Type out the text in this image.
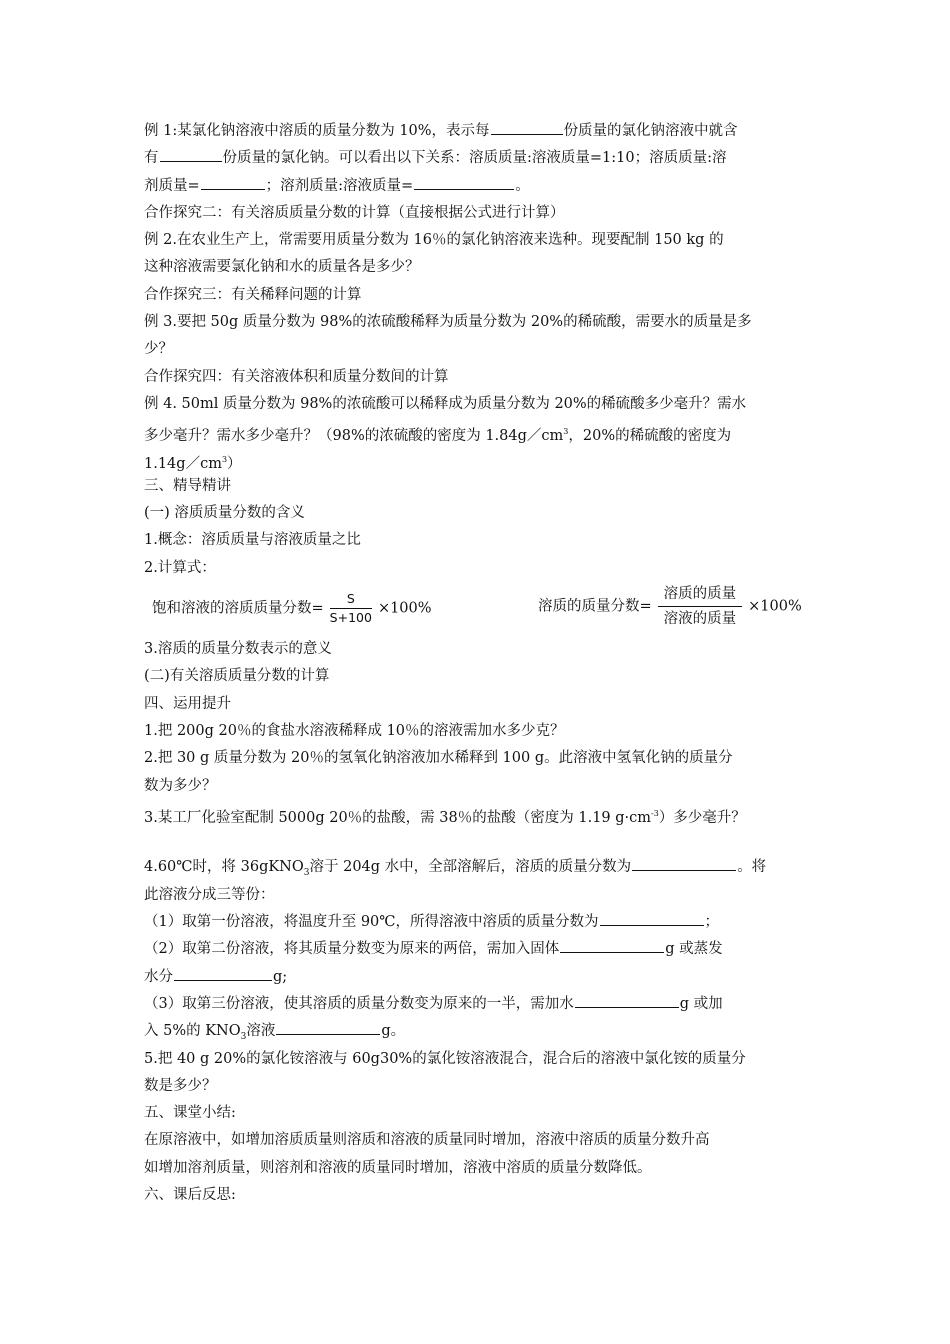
例 1:某氯化钠溶液中溶质的质量分数为 10%，表示每	份质量的氯化钠溶液中就含
有	份质量的氯化钠。可以看出以下关系：溶质质量:溶液质量=1:10；溶质质量:溶
剂质量=	；溶剂质量:溶液质量=	。
合作探究二：有关溶质质量分数的计算（直接根据公式进行计算）
例 2.在农业生产上，常需要用质量分数为 16％的氯化钠溶液来选种。现要配制 150 kg 的
这种溶液需要氯化钠和水的质量各是多少？
合作探究三：有关稀释问题的计算
例 3.要把 50g 质量分数为 98%的浓硫酸稀释为质量分数为 20%的稀硫酸，需要水的质量是多
少？
合作探究四：有关溶液体积和质量分数间的计算
例 4. 50ml 质量分数为 98%的浓硫酸可以稀释成为质量分数为 20%的稀硫酸多少毫升？需水
多少毫升？需水多少毫升？（98%的浓硫酸的密度为 $1.84g/cm^3$，20%的稀硫酸的密度为
$1.14g/cm^3$）
三、精导精讲
(一) 溶质质量分数的含义
1.概念：溶质质量与溶液质量之比
2.计算式：
饱和溶液的溶质质量分数= $\frac{S}{S+100} \times 100\%$	溶质的质量分数= $\frac{\text{溶质的质量}}{\text{溶液的质量}} \times 100\%$
3.溶质的质量分数表示的意义
(二)有关溶质质量分数的计算
四、运用提升
1.把 200g 20％的食盐水溶液稀释成 10％的溶液需加水多少克？
2.把 30 g 质量分数为 20％的氢氧化钠溶液加水稀释到 100 g。此溶液中氢氧化钠的质量分
数为多少？
3.某工厂化验室配制 5000g 20％的盐酸，需 38％的盐酸（密度为 1.19 $g\cdot cm^{-3}$）多少毫升？
4.60℃时，将 36gKNO$_3$溶于 204g 水中，全部溶解后，溶质的质量分数为	。将
此溶液分成三等份：
（1）取第一份溶液，将温度升至 90℃，所得溶液中溶质的质量分数为	；
（2）取第二份溶液，将其质量分数变为原来的两倍，需加入固体	g 或蒸发
水分	g;
（3）取第三份溶液，使其溶质的质量分数变为原来的一半，需加水	g 或加
入 5%的 $KNO_3$溶液	g。
5.把 40 g 20%的氯化铵溶液与 60g30%的氯化铵溶液混合，混合后的溶液中氯化铵的质量分
数是多少？
五、课堂小结:
在原溶液中，如增加溶质质量则溶质和溶液的质量同时增加，溶液中溶质的质量分数升高
如增加溶剂质量，则溶剂和溶液的质量同时增加，溶液中溶质的质量分数降低。
六、课后反思:
